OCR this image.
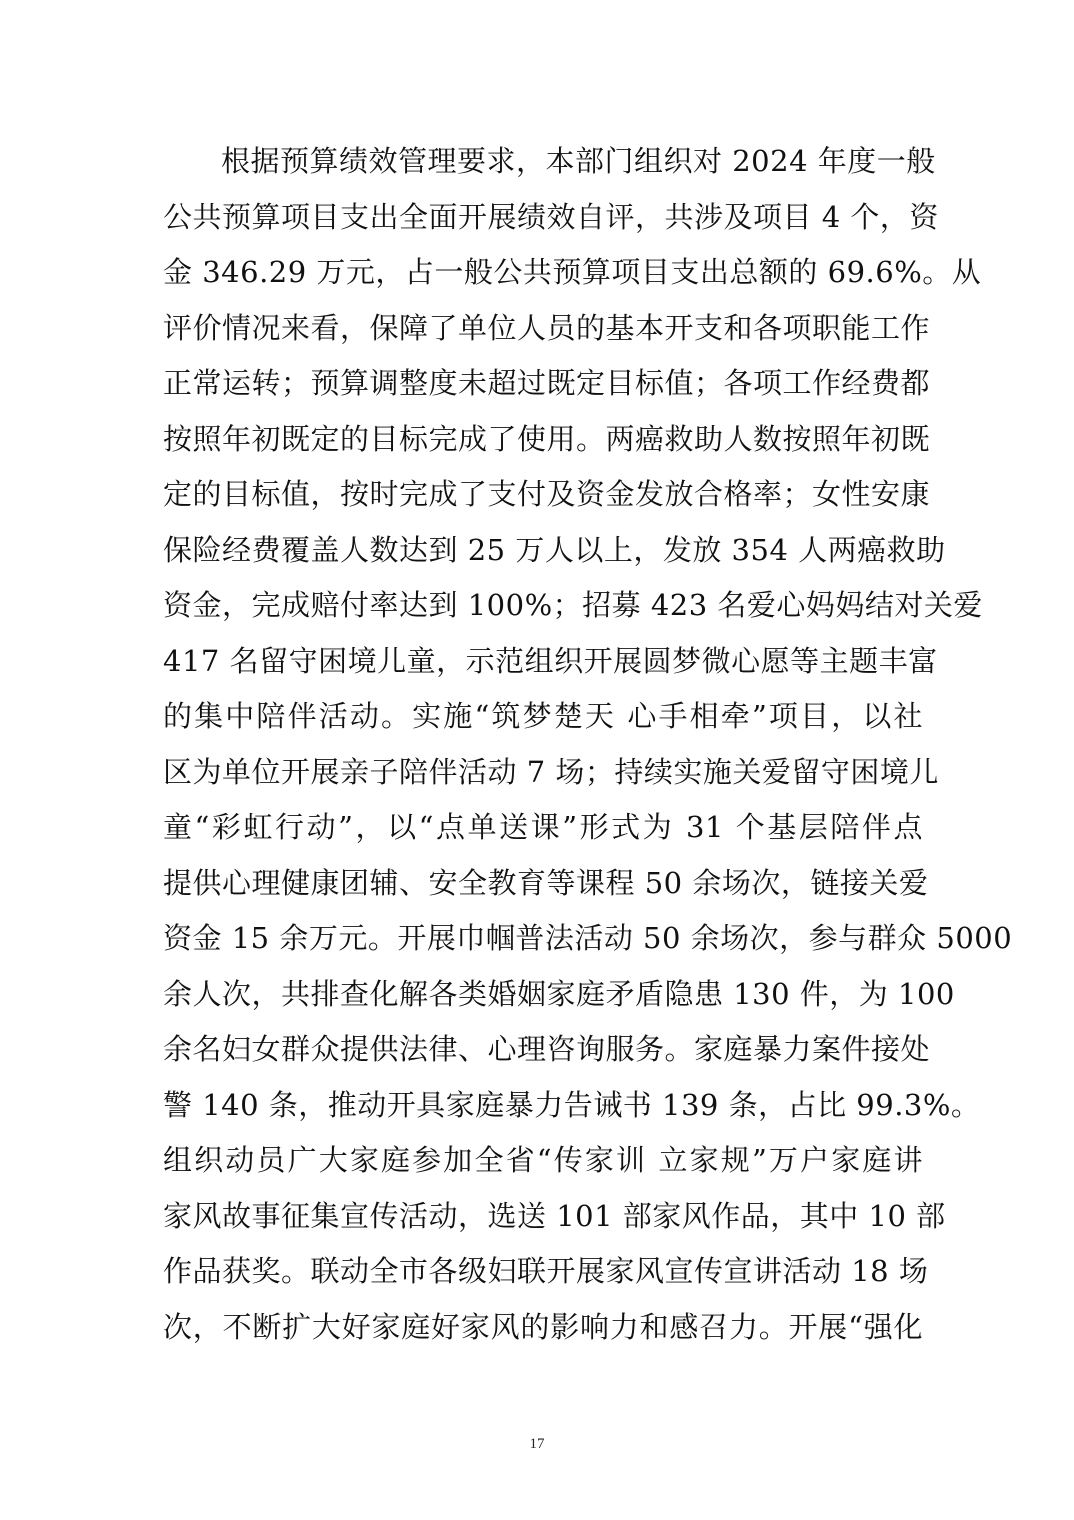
根据预算绩效管理要求，本部门组织对 2024 年度一般
公共预算项目支出全面开展绩效自评，共涉及项目 4 个，资
金 346.29 万元，占一般公共预算项目支出总额的 69.6%。从
评价情况来看，保障了单位人员的基本开支和各项职能工作
正常运转；预算调整度未超过既定目标值；各项工作经费都
按照年初既定的目标完成了使用。两癌救助人数按照年初既
定的目标值，按时完成了支付及资金发放合格率；女性安康
保险经费覆盖人数达到 25 万人以上，发放 354 人两癌救助
资金，完成赔付率达到 100%；招募 423 名爱心妈妈结对关爱
417 名留守困境儿童，示范组织开展圆梦微心愿等主题丰富
的集中陪伴活动。实施“筑梦楚天 心手相牵”项目，以社
区为单位开展亲子陪伴活动 7 场；持续实施关爱留守困境儿
童“彩虹行动”，以“点单送课”形式为 31 个基层陪伴点
提供心理健康团辅、安全教育等课程 50 余场次，链接关爱
资金 15 余万元。开展巾帼普法活动 50 余场次，参与群众 5000
余人次，共排查化解各类婚姻家庭矛盾隐患 130 件，为 100
余名妇女群众提供法律、心理咨询服务。家庭暴力案件接处
警 140 条，推动开具家庭暴力告诫书 139 条，占比 99.3%。
组织动员广大家庭参加全省“传家训 立家规”万户家庭讲
家风故事征集宣传活动，选送 101 部家风作品，其中 10 部
作品获奖。联动全市各级妇联开展家风宣传宣讲活动 18 场
次，不断扩大好家庭好家风的影响力和感召力。开展“强化
17
